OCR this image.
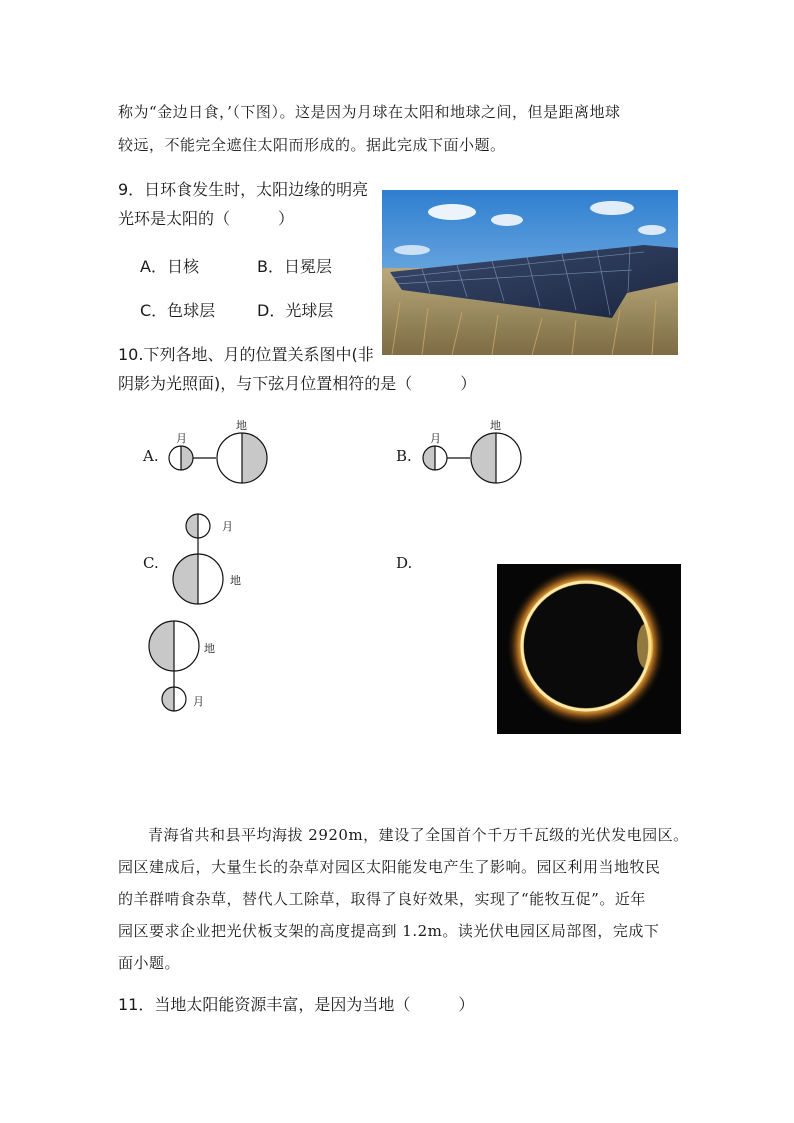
称为“金边日食，’（下图）。这是因为月球在太阳和地球之间，但是距离地球
较远，不能完全遮住太阳而形成的。据此完成下面小题。
9．日环食发生时，太阳边缘的明亮
光环是太阳的（　　　）
A．日核	B．日冕层
C．色球层	D．光球层
10.下列各地、月的位置关系图中(非
阴影为光照面)，与下弦月位置相符的是（　　　）
A.
月
地
B.
月
地
C.
月
地
D.
地
月
青海省共和县平均海拔 2920m，建设了全国首个千万千瓦级的光伏发电园区。
园区建成后，大量生长的杂草对园区太阳能发电产生了影响。园区利用当地牧民
的羊群啃食杂草，替代人工除草，取得了良好效果，实现了“能牧互促”。近年
园区要求企业把光伏板支架的高度提高到 1.2m。读光伏电园区局部图，完成下
面小题。
11．当地太阳能资源丰富，是因为当地（　　　）
